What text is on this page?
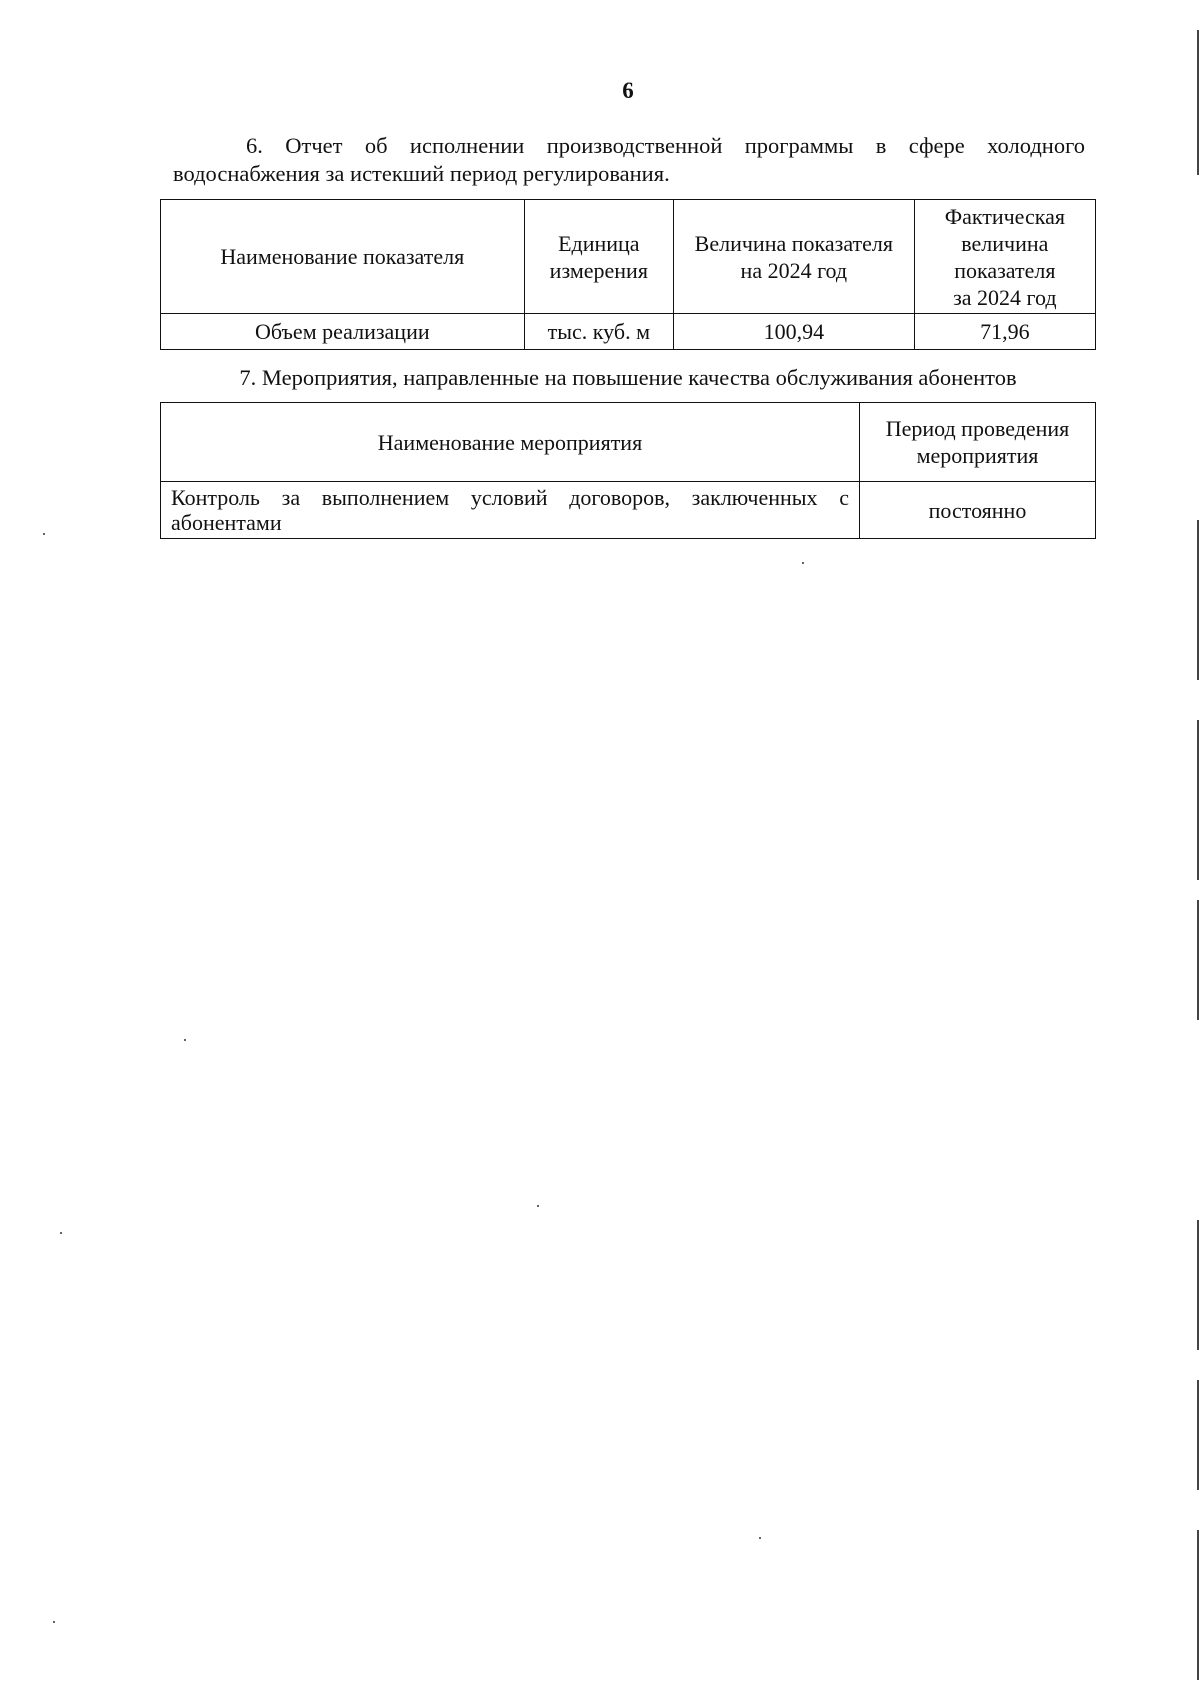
6
6. Отчет об исполнении производственной программы в сфере холодного водоснабжения за истекший период регулирования.
Наименование показателя	Единица измерения	Величина показателя на 2024 год	Фактическая величина показателя за 2024 год
Объем реализации	тыс. куб. м	100,94	71,96
7. Мероприятия, направленные на повышение качества обслуживания абонентов
Наименование мероприятия	Период проведения мероприятия
Контроль за выполнением условий договоров, заключенных с абонентами	постоянно
